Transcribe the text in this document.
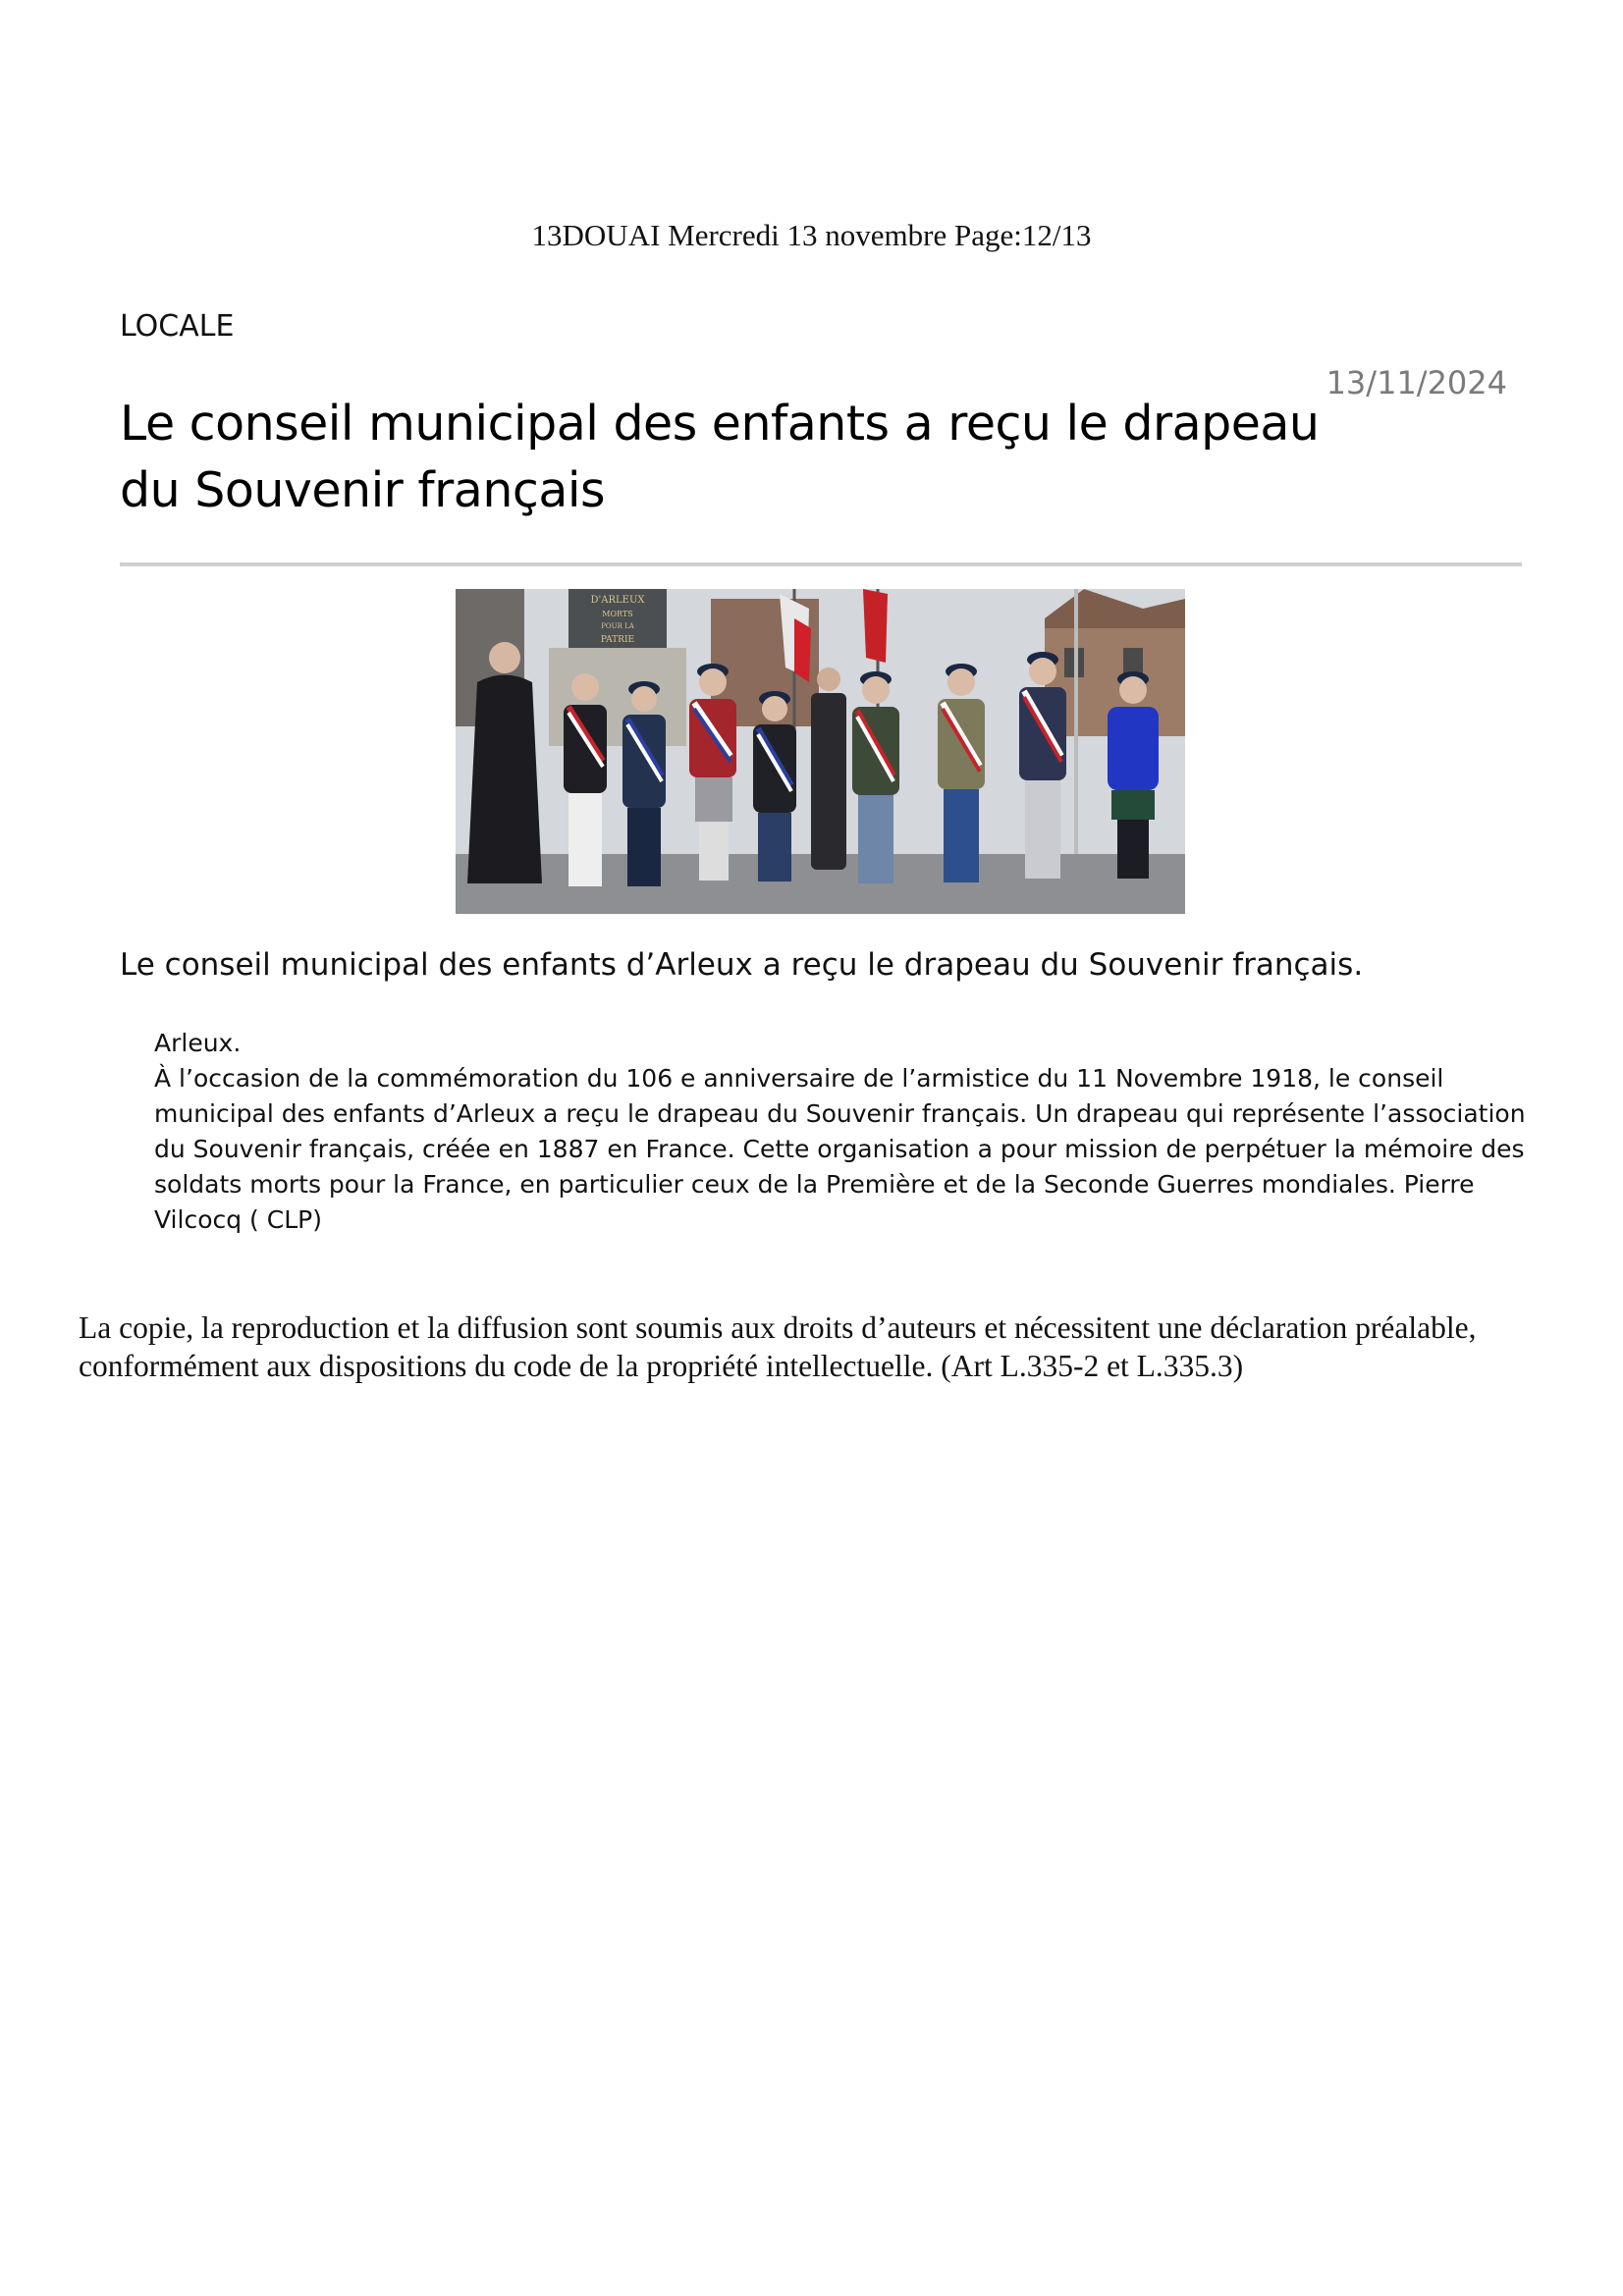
13DOUAI Mercredi 13 novembre Page:12/13
LOCALE
13/11/2024
Le conseil municipal des enfants a reçu le drapeau du Souvenir français
D'ARLEUX
MORTS
POUR LA
PATRIE
Le conseil municipal des enfants d’Arleux a reçu le drapeau du Souvenir français.

Arleux.

À l’occasion de la commémoration du 106 e anniversaire de l’armistice du 11 Novembre 1918, le conseil municipal des enfants d’Arleux a reçu le drapeau du Souvenir français. Un drapeau qui représente l’association du Souvenir français, créée en 1887 en France. Cette organisation a pour mission de perpétuer la mémoire des soldats morts pour la France, en particulier ceux de la Première et de la Seconde Guerres mondiales. Pierre Vilcocq ( CLP)

La copie, la reproduction et la diffusion sont soumis aux droits d’auteurs et nécessitent une déclaration préalable, conformément aux dispositions du code de la propriété intellectuelle. (Art L.335-2 et L.335.3)
